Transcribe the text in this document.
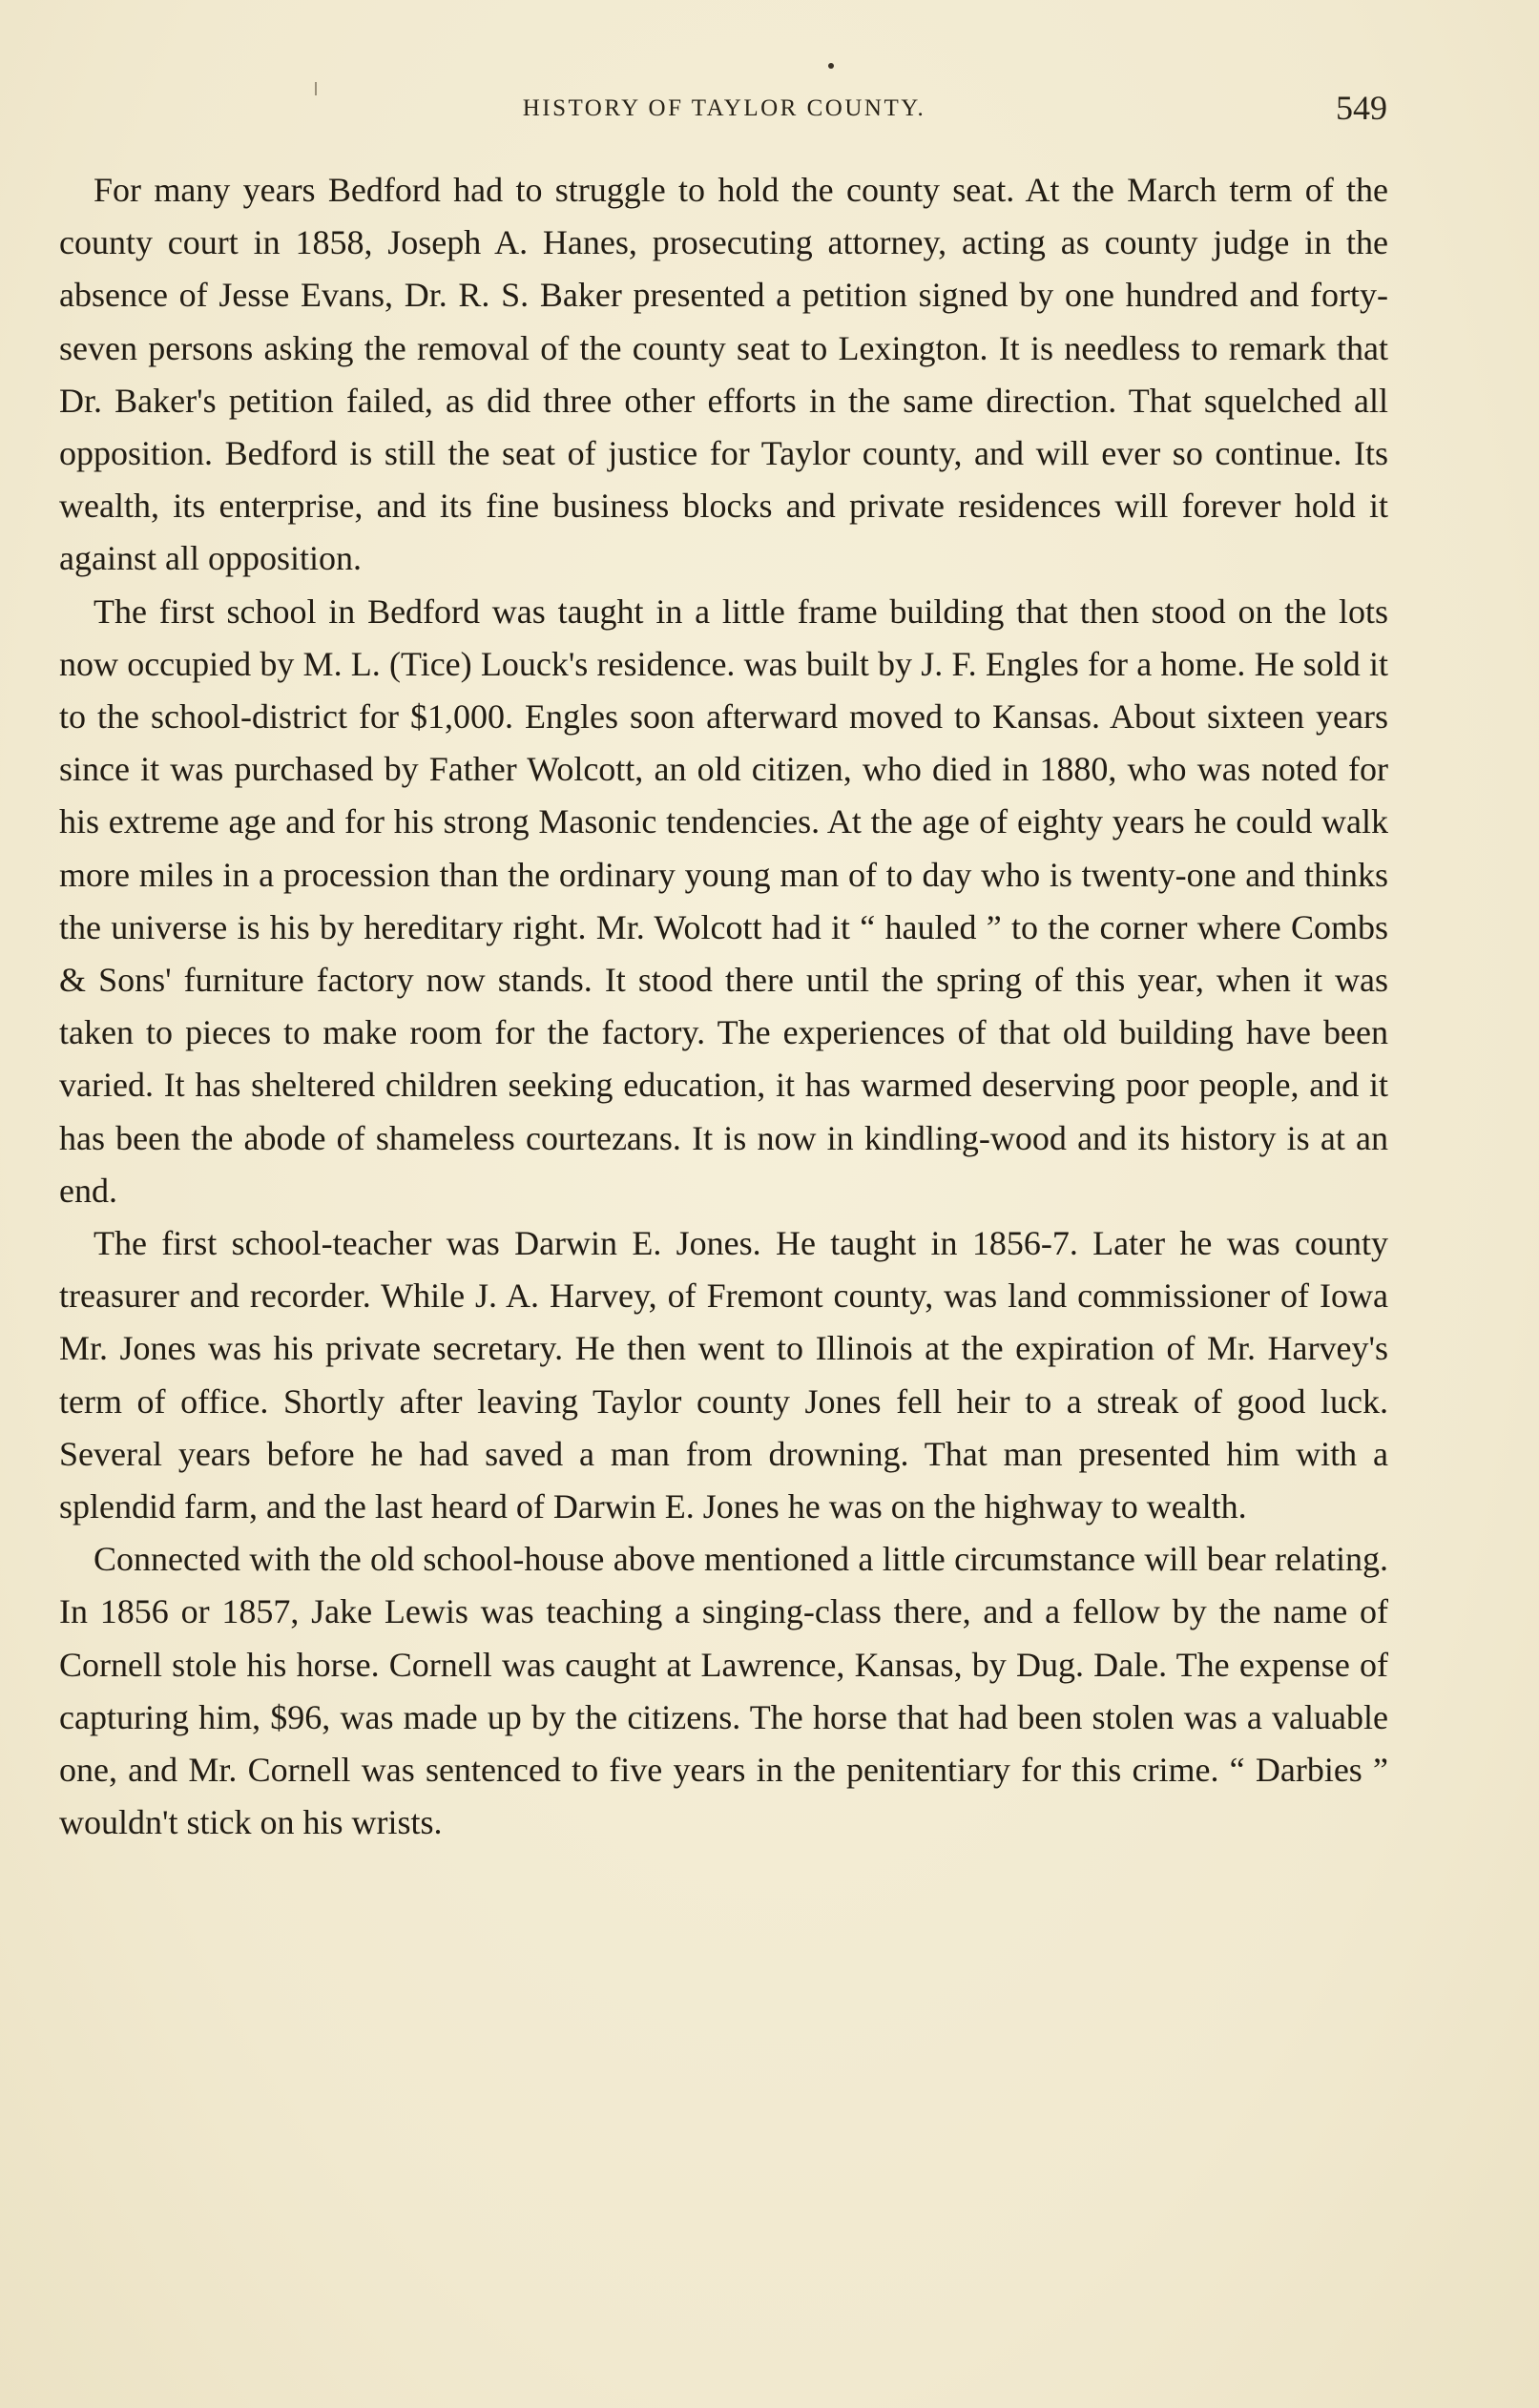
HISTORY OF TAYLOR COUNTY.	549

For many years Bedford had to struggle to hold the county seat. At the March term of the county court in 1858, Joseph A. Hanes, prosecuting attorney, acting as county judge in the absence of Jesse Evans, Dr. R. S. Baker presented a petition signed by one hundred and forty-seven persons asking the removal of the county seat to Lexington. It is needless to remark that Dr. Baker's petition failed, as did three other efforts in the same direction. That squelched all opposition. Bedford is still the seat of justice for Taylor county, and will ever so continue. Its wealth, its enterprise, and its fine business blocks and private residences will forever hold it against all opposition.

The first school in Bedford was taught in a little frame building that then stood on the lots now occupied by M. L. (Tice) Louck's residence. was built by J. F. Engles for a home. He sold it to the school-district for $1,000. Engles soon afterward moved to Kansas. About sixteen years since it was purchased by Father Wolcott, an old citizen, who died in 1880, who was noted for his extreme age and for his strong Masonic tendencies. At the age of eighty years he could walk more miles in a procession than the ordinary young man of to day who is twenty-one and thinks the universe is his by hereditary right. Mr. Wolcott had it “ hauled ” to the corner where Combs & Sons' furniture factory now stands. It stood there until the spring of this year, when it was taken to pieces to make room for the factory. The experiences of that old building have been varied. It has sheltered children seeking education, it has warmed deserving poor people, and it has been the abode of shameless courtezans. It is now in kindling-wood and its history is at an end.

The first school-teacher was Darwin E. Jones. He taught in 1856-7. Later he was county treasurer and recorder. While J. A. Harvey, of Fremont county, was land commissioner of Iowa Mr. Jones was his private secretary. He then went to Illinois at the expiration of Mr. Harvey's term of office. Shortly after leaving Taylor county Jones fell heir to a streak of good luck. Several years before he had saved a man from drowning. That man presented him with a splendid farm, and the last heard of Darwin E. Jones he was on the highway to wealth.

Connected with the old school-house above mentioned a little circumstance will bear relating. In 1856 or 1857, Jake Lewis was teaching a singing-class there, and a fellow by the name of Cornell stole his horse. Cornell was caught at Lawrence, Kansas, by Dug. Dale. The expense of capturing him, $96, was made up by the citizens. The horse that had been stolen was a valuable one, and Mr. Cornell was sentenced to five years in the penitentiary for this crime. “ Darbies ” wouldn't stick on his wrists.
